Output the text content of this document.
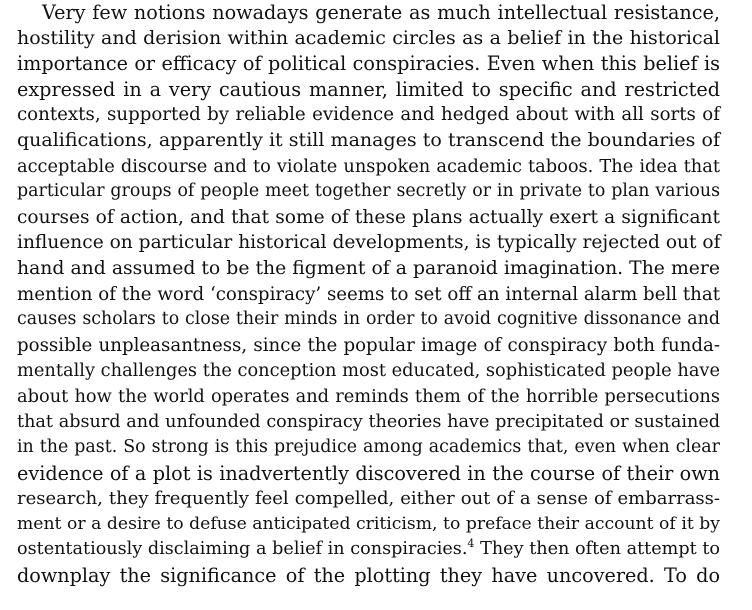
Very few notions nowadays generate as much intellectual resistance,
hostility and derision within academic circles as a belief in the historical
importance or efficacy of political conspiracies. Even when this belief is
expressed in a very cautious manner, limited to specific and restricted
contexts, supported by reliable evidence and hedged about with all sorts of
qualifications, apparently it still manages to transcend the boundaries of
acceptable discourse and to violate unspoken academic taboos. The idea that
particular groups of people meet together secretly or in private to plan various
courses of action, and that some of these plans actually exert a significant
influence on particular historical developments, is typically rejected out of
hand and assumed to be the figment of a paranoid imagination. The mere
mention of the word ‘conspiracy’ seems to set off an internal alarm bell that
causes scholars to close their minds in order to avoid cognitive dissonance and
possible unpleasantness, since the popular image of conspiracy both funda-
mentally challenges the conception most educated, sophisticated people have
about how the world operates and reminds them of the horrible persecutions
that absurd and unfounded conspiracy theories have precipitated or sustained
in the past. So strong is this prejudice among academics that, even when clear
evidence of a plot is inadvertently discovered in the course of their own
research, they frequently feel compelled, either out of a sense of embarrass-
ment or a desire to defuse anticipated criticism, to preface their account of it by
ostentatiously disclaiming a belief in conspiracies.$^4$ They then often attempt to
downplay the significance of the plotting they have uncovered. To do
